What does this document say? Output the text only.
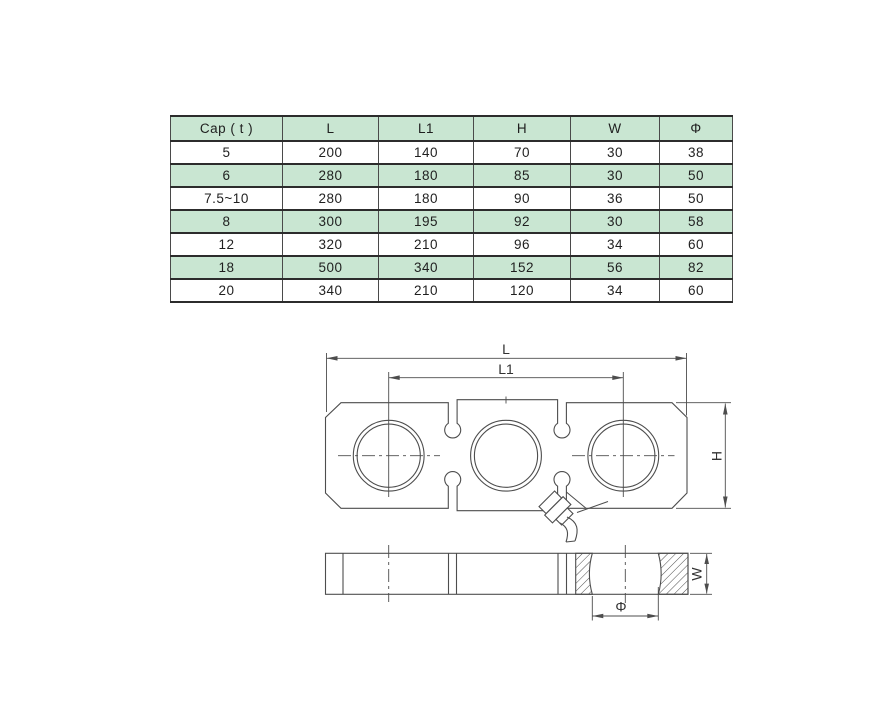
Cap ( t )	L	L1	H	W	Φ
5	200	140	70	30	38
6	280	180	85	30	50
7.5~10	280	180	90	36	50
8	300	195	92	30	58
12	320	210	96	34	60
18	500	340	152	56	82
20	340	210	120	34	60
L
L1
H
W
Φ
